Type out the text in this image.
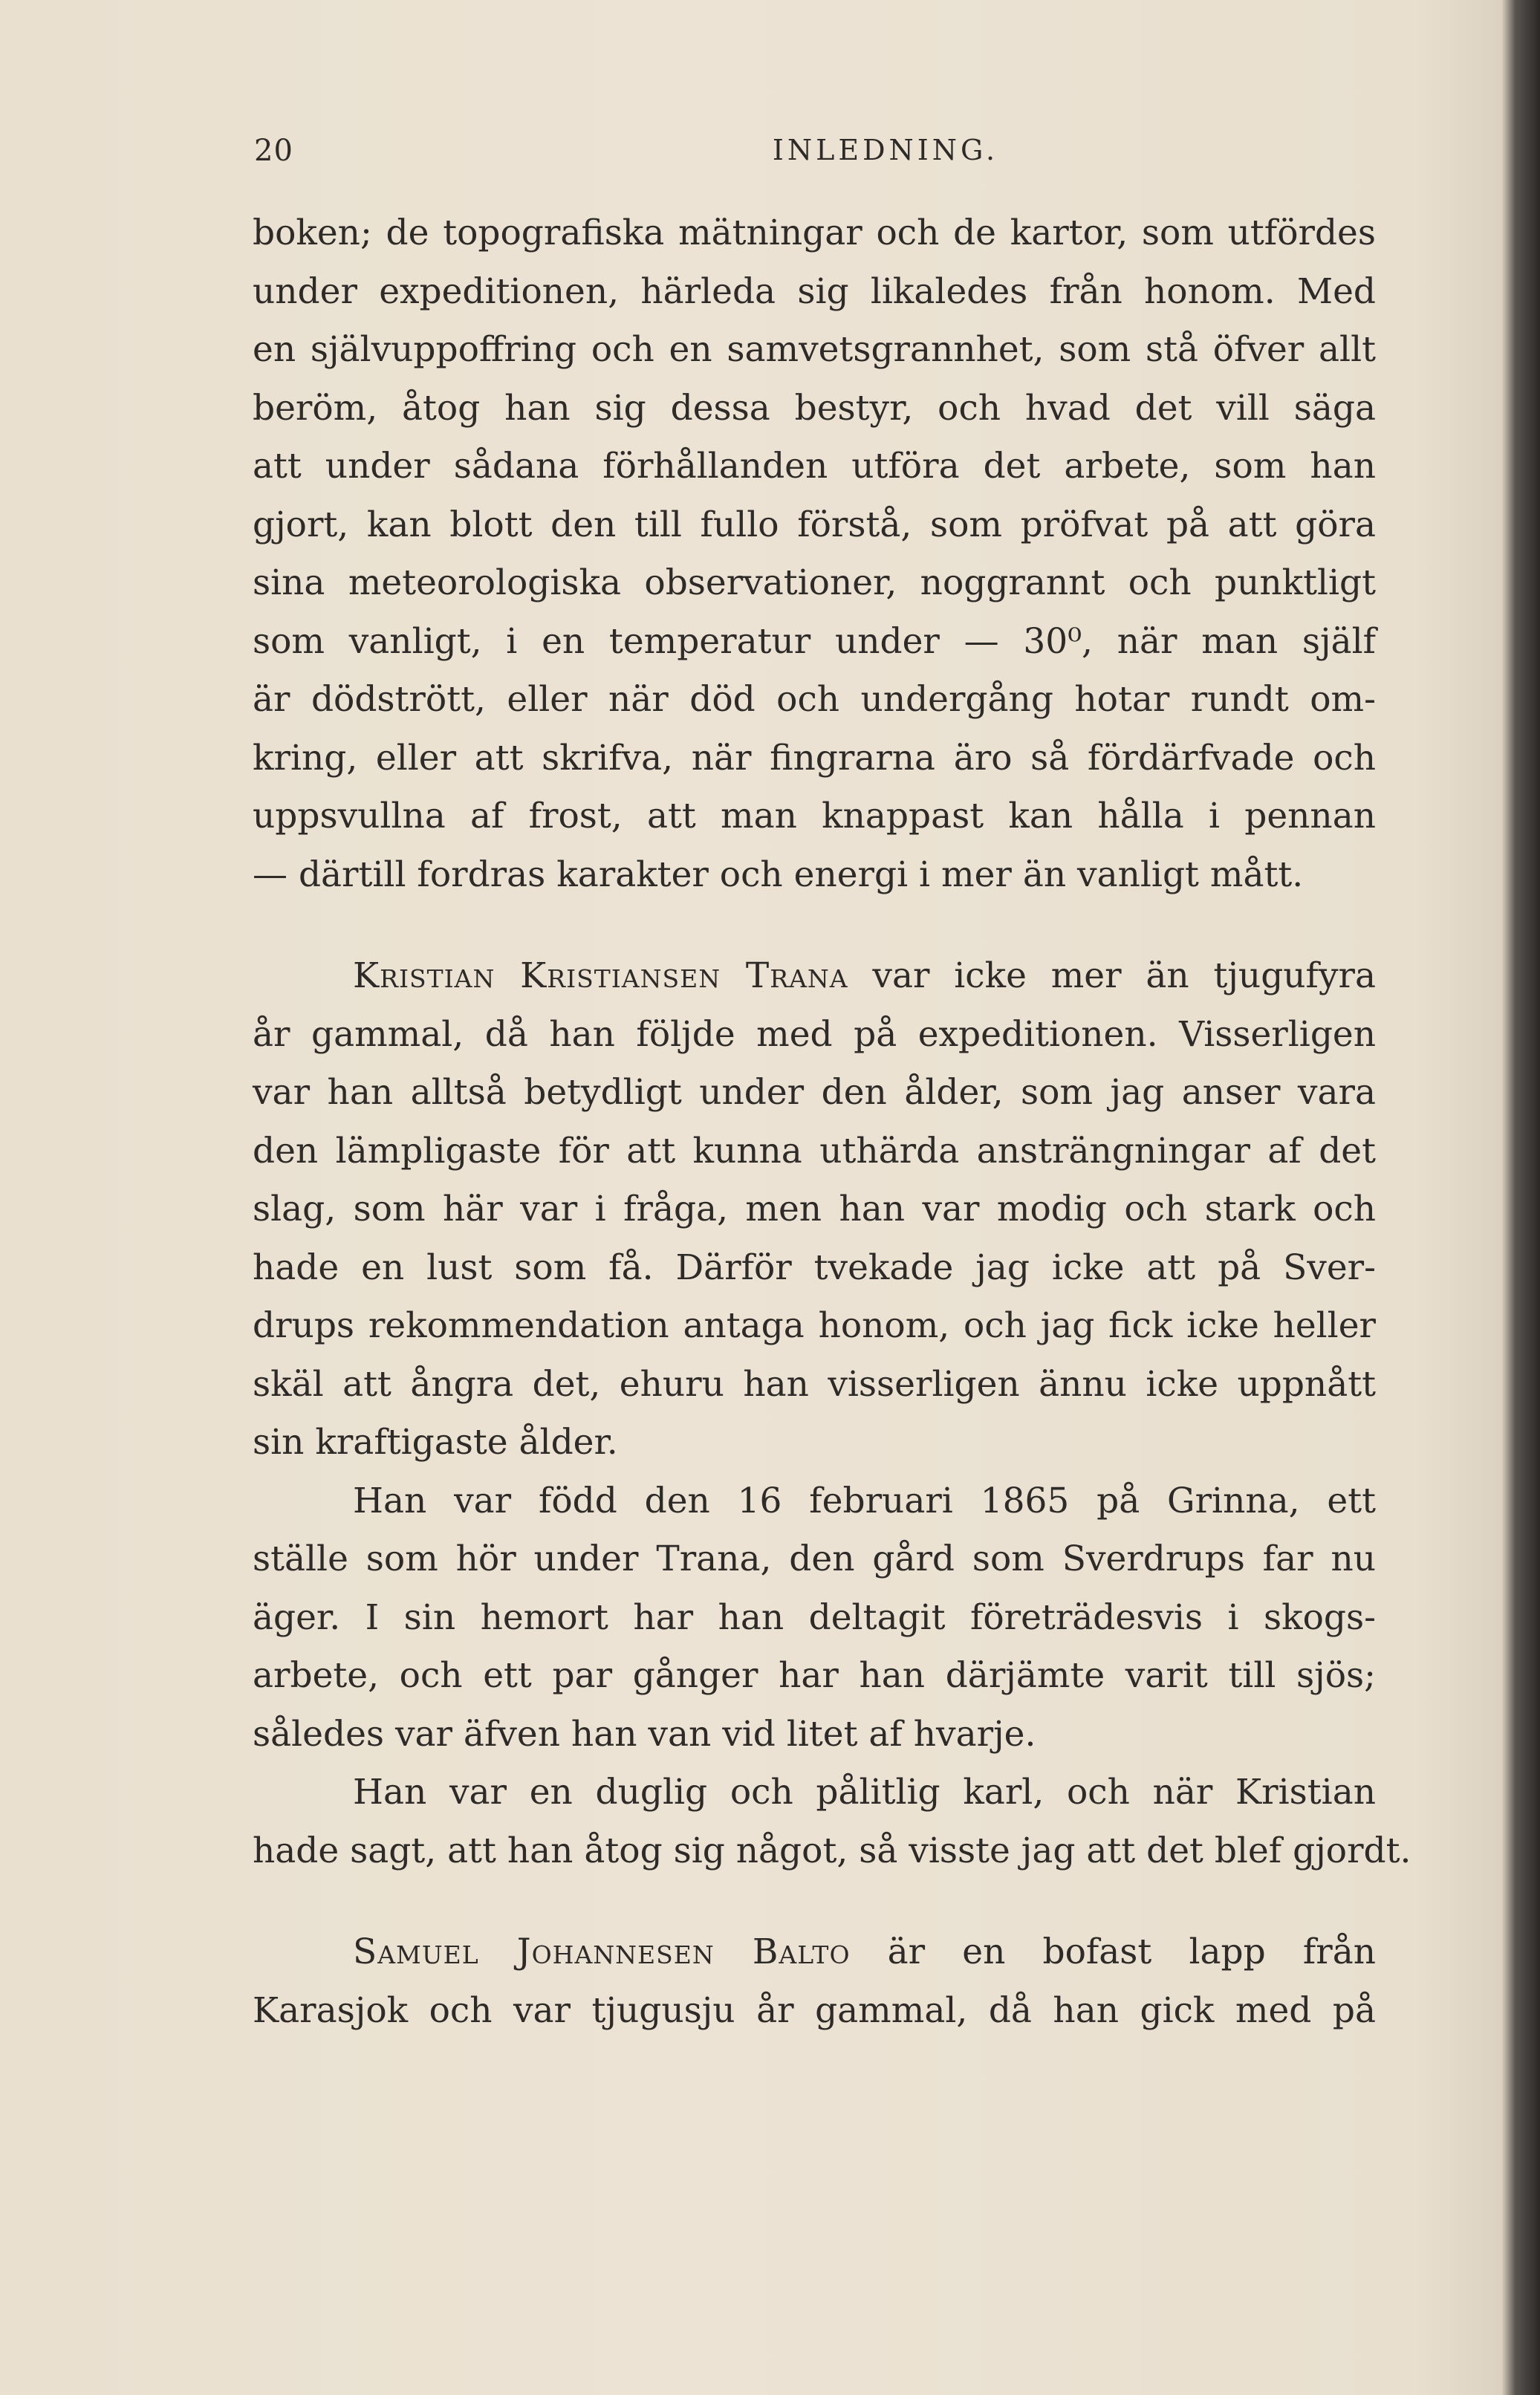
20	INLEDNING.
boken; de topografiska mätningar och de kartor, som utfördes
under expeditionen, härleda sig likaledes från honom. Med
en självuppoffring och en samvetsgrannhet, som stå öfver allt
beröm, åtog han sig dessa bestyr, och hvad det vill säga
att under sådana förhållanden utföra det arbete, som han
gjort, kan blott den till fullo förstå, som pröfvat på att göra
sina meteorologiska observationer, noggrannt och punktligt
som vanligt, i en temperatur under — 30⁰, när man själf
är dödstrött, eller när död och undergång hotar rundt om-
kring, eller att skrifva, när fingrarna äro så fördärfvade och
uppsvullna af frost, att man knappast kan hålla i pennan
— därtill fordras karakter och energi i mer än vanligt mått.
Kristian Kristiansen Trana var icke mer än tjugufyra
år gammal, då han följde med på expeditionen. Visserligen
var han alltså betydligt under den ålder, som jag anser vara
den lämpligaste för att kunna uthärda ansträngningar af det
slag, som här var i fråga, men han var modig och stark och
hade en lust som få. Därför tvekade jag icke att på Sver-
drups rekommendation antaga honom, och jag fick icke heller
skäl att ångra det, ehuru han visserligen ännu icke uppnått
sin kraftigaste ålder.
Han var född den 16 februari 1865 på Grinna, ett
ställe som hör under Trana, den gård som Sverdrups far nu
äger. I sin hemort har han deltagit företrädesvis i skogs-
arbete, och ett par gånger har han därjämte varit till sjös;
således var äfven han van vid litet af hvarje.
Han var en duglig och pålitlig karl, och när Kristian
hade sagt, att han åtog sig något, så visste jag att det blef gjordt.
Samuel Johannesen Balto är en bofast lapp från
Karasjok och var tjugusju år gammal, då han gick med på
